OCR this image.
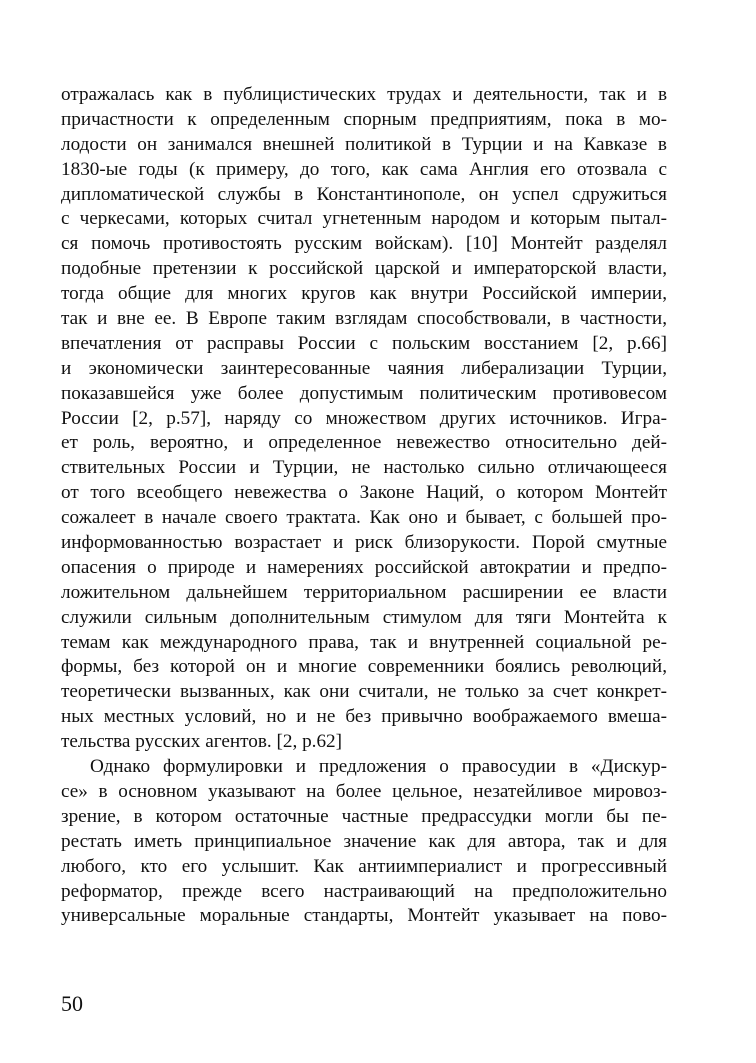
отражалась как в публицистических трудах и деятельности, так и в
причастности к определенным спорным предприятиям, пока в мо-
лодости он занимался внешней политикой в Турции и на Кавказе в
1830-ые годы (к примеру, до того, как сама Англия его отозвала с
дипломатической службы в Константинополе, он успел сдружиться
с черкесами, которых считал угнетенным народом и которым пытал-
ся помочь противостоять русским войскам). [10] Монтейт разделял
подобные претензии к российской царской и императорской власти,
тогда общие для многих кругов как внутри Российской империи,
так и вне ее. В Европе таким взглядам способствовали, в частности,
впечатления от расправы России с польским восстанием [2, p.66]
и экономически заинтересованные чаяния либерализации Турции,
показавшейся уже более допустимым политическим противовесом
России [2, p.57], наряду со множеством других источников. Игра-
ет роль, вероятно, и определенное невежество относительно дей-
ствительных России и Турции, не настолько сильно отличающееся
от того всеобщего невежества о Законе Наций, о котором Монтейт
сожалеет в начале своего трактата. Как оно и бывает, с большей про-
информованностью возрастает и риск близорукости. Порой смутные
опасения о природе и намерениях российской автократии и предпо-
ложительном дальнейшем территориальном расширении ее власти
служили сильным дополнительным стимулом для тяги Монтейта к
темам как международного права, так и внутренней социальной ре-
формы, без которой он и многие современники боялись революций,
теоретически вызванных, как они считали, не только за счет конкрет-
ных местных условий, но и не без привычно воображаемого вмеша-
тельства русских агентов. [2, p.62]
Однако формулировки и предложения о правосудии в «Дискур-
се» в основном указывают на более цельное, незатейливое мировоз-
зрение, в котором остаточные частные предрассудки могли бы пе-
рестать иметь принципиальное значение как для автора, так и для
любого, кто его услышит. Как антиимпериалист и прогрессивный
реформатор, прежде всего настраивающий на предположительно
универсальные моральные стандарты, Монтейт указывает на пово-
50
